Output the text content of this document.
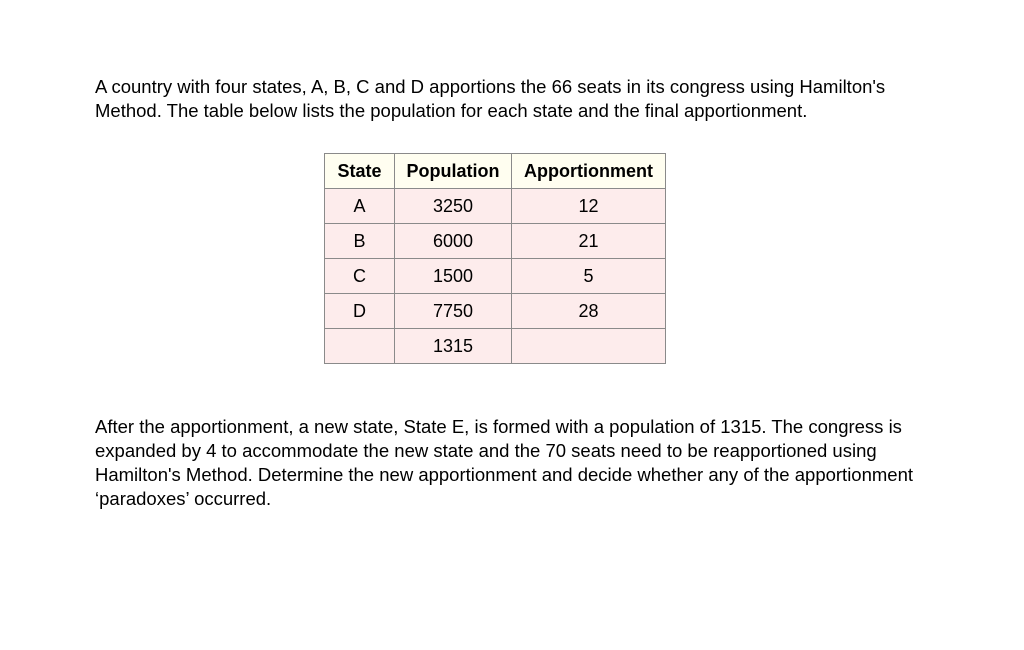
A country with four states, A, B, C and D apportions the 66 seats in its congress using Hamilton's Method. The table below lists the population for each state and the final apportionment.

State	Population	Apportionment
A	3250	12
B	6000	21
C	1500	5
D	7750	28
	1315	

After the apportionment, a new state, State E, is formed with a population of 1315. The congress is expanded by 4 to accommodate the new state and the 70 seats need to be reapportioned using Hamilton's Method. Determine the new apportionment and decide whether any of the apportionment ‘paradoxes’ occurred.
